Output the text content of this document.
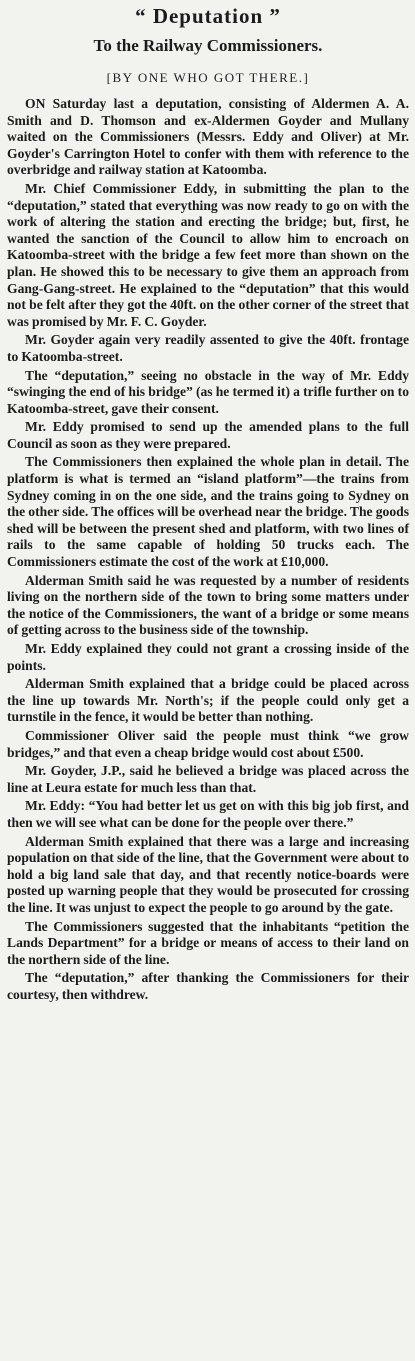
“ Deputation ”
To the Railway Commissioners.
[BY ONE WHO GOT THERE.]

ON Saturday last a deputation, consisting of Aldermen A. A. Smith and D. Thomson and ex-Aldermen Goyder and Mullany waited on the Commissioners (Messrs. Eddy and Oliver) at Mr. Goyder's Carrington Hotel to confer with them with reference to the overbridge and railway station at Katoomba.

Mr. Chief Commissioner Eddy, in submitting the plan to the “deputation,” stated that everything was now ready to go on with the work of altering the station and erecting the bridge; but, first, he wanted the sanction of the Council to allow him to encroach on Katoomba-street with the bridge a few feet more than shown on the plan. He showed this to be necessary to give them an approach from Gang-Gang-street. He explained to the “deputation” that this would not be felt after they got the 40ft. on the other corner of the street that was promised by Mr. F. C. Goyder.

Mr. Goyder again very readily assented to give the 40ft. frontage to Katoomba-street.

The “deputation,” seeing no obstacle in the way of Mr. Eddy “swinging the end of his bridge” (as he termed it) a trifle further on to Katoomba-street, gave their consent.

Mr. Eddy promised to send up the amended plans to the full Council as soon as they were prepared.

The Commissioners then explained the whole plan in detail. The platform is what is termed an “island platform”—the trains from Sydney coming in on the one side, and the trains going to Sydney on the other side. The offices will be overhead near the bridge. The goods shed will be between the present shed and platform, with two lines of rails to the same capable of holding 50 trucks each. The Commissioners estimate the cost of the work at £10,000.

Alderman Smith said he was requested by a number of residents living on the northern side of the town to bring some matters under the notice of the Commissioners, the want of a bridge or some means of getting across to the business side of the township.

Mr. Eddy explained they could not grant a crossing inside of the points.

Alderman Smith explained that a bridge could be placed across the line up towards Mr. North's; if the people could only get a turnstile in the fence, it would be better than nothing.

Commissioner Oliver said the people must think “we grow bridges,” and that even a cheap bridge would cost about £500.

Mr. Goyder, J.P., said he believed a bridge was placed across the line at Leura estate for much less than that.

Mr. Eddy: “You had better let us get on with this big job first, and then we will see what can be done for the people over there.”

Alderman Smith explained that there was a large and increasing population on that side of the line, that the Government were about to hold a big land sale that day, and that recently notice-boards were posted up warning people that they would be prosecuted for crossing the line. It was unjust to expect the people to go around by the gate.

The Commissioners suggested that the inhabitants “petition the Lands Department” for a bridge or means of access to their land on the northern side of the line.

The “deputation,” after thanking the Commissioners for their courtesy, then withdrew.
